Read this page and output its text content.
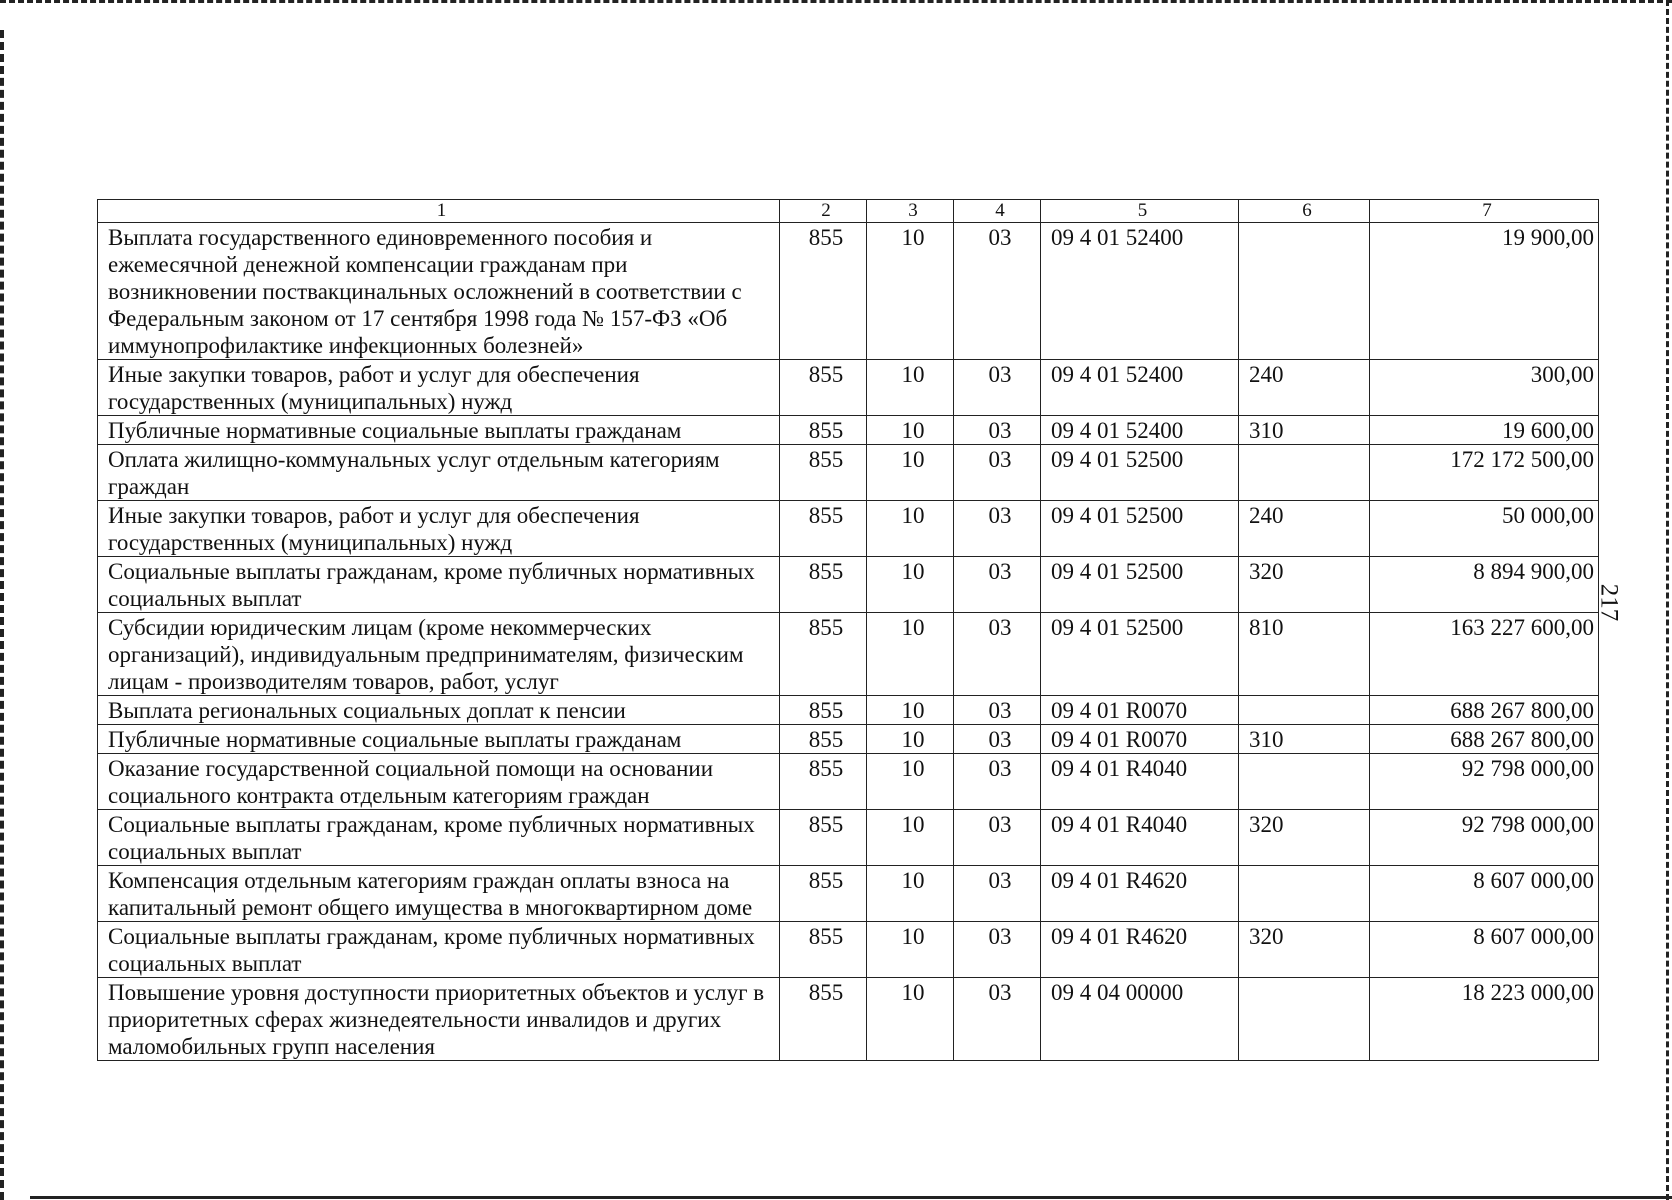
217
1	2	3	4	5	6	7
Выплата государственного единовременного пособия и ежемесячной денежной компенсации гражданам при возникновении поствакцинальных осложнений в соответствии с Федеральным законом от 17 сентября 1998 года № 157-ФЗ «Об иммунопрофилактике инфекционных болезней»	855	10	03	09 4 01 52400		19 900,00
Иные закупки товаров, работ и услуг для обеспечения государственных (муниципальных) нужд	855	10	03	09 4 01 52400	240	300,00
Публичные нормативные социальные выплаты гражданам	855	10	03	09 4 01 52400	310	19 600,00
Оплата жилищно-коммунальных услуг отдельным категориям граждан	855	10	03	09 4 01 52500		172 172 500,00
Иные закупки товаров, работ и услуг для обеспечения государственных (муниципальных) нужд	855	10	03	09 4 01 52500	240	50 000,00
Социальные выплаты гражданам, кроме публичных нормативных социальных выплат	855	10	03	09 4 01 52500	320	8 894 900,00
Субсидии юридическим лицам (кроме некоммерческих организаций), индивидуальным предпринимателям, физическим лицам - производителям товаров, работ, услуг	855	10	03	09 4 01 52500	810	163 227 600,00
Выплата региональных социальных доплат к пенсии	855	10	03	09 4 01 R0070		688 267 800,00
Публичные нормативные социальные выплаты гражданам	855	10	03	09 4 01 R0070	310	688 267 800,00
Оказание государственной социальной помощи на основании социального контракта отдельным категориям граждан	855	10	03	09 4 01 R4040		92 798 000,00
Социальные выплаты гражданам, кроме публичных нормативных социальных выплат	855	10	03	09 4 01 R4040	320	92 798 000,00
Компенсация отдельным категориям граждан оплаты взноса на капитальный ремонт общего имущества в многоквартирном доме	855	10	03	09 4 01 R4620		8 607 000,00
Социальные выплаты гражданам, кроме публичных нормативных социальных выплат	855	10	03	09 4 01 R4620	320	8 607 000,00
Повышение уровня доступности приоритетных объектов и услуг в приоритетных сферах жизнедеятельности инвалидов и других маломобильных групп населения	855	10	03	09 4 04 00000		18 223 000,00
